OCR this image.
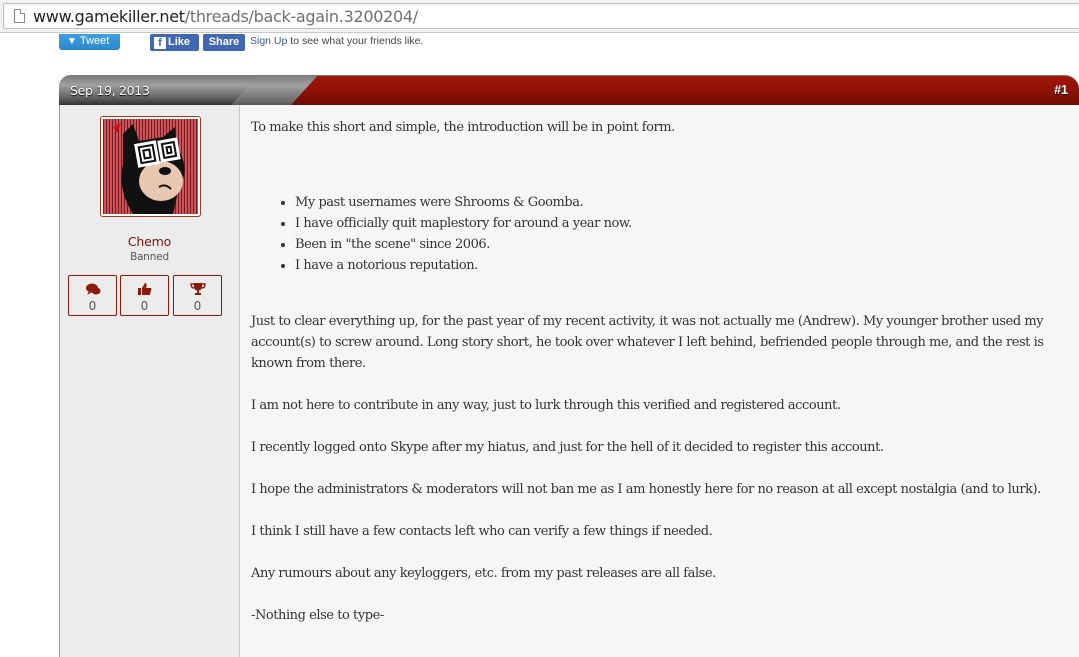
www.gamekiller.net/threads/back-again.3200204/
▼ Tweet	f Like	Share	Sign Up to see what your friends like.
Sep 19, 2013	#1
Chemo
Banned
0	0	0

To make this short and simple, the introduction will be in point form.

• My past usernames were Shrooms & Goomba.
• I have officially quit maplestory for around a year now.
• Been in "the scene" since 2006.
• I have a notorious reputation.

Just to clear everything up, for the past year of my recent activity, it was not actually me (Andrew). My younger brother used my account(s) to screw around. Long story short, he took over whatever I left behind, befriended people through me, and the rest is known from there.

I am not here to contribute in any way, just to lurk through this verified and registered account.

I recently logged onto Skype after my hiatus, and just for the hell of it decided to register this account.

I hope the administrators & moderators will not ban me as I am honestly here for no reason at all except nostalgia (and to lurk).

I think I still have a few contacts left who can verify a few things if needed.

Any rumours about any keyloggers, etc. from my past releases are all false.

-Nothing else to type-
